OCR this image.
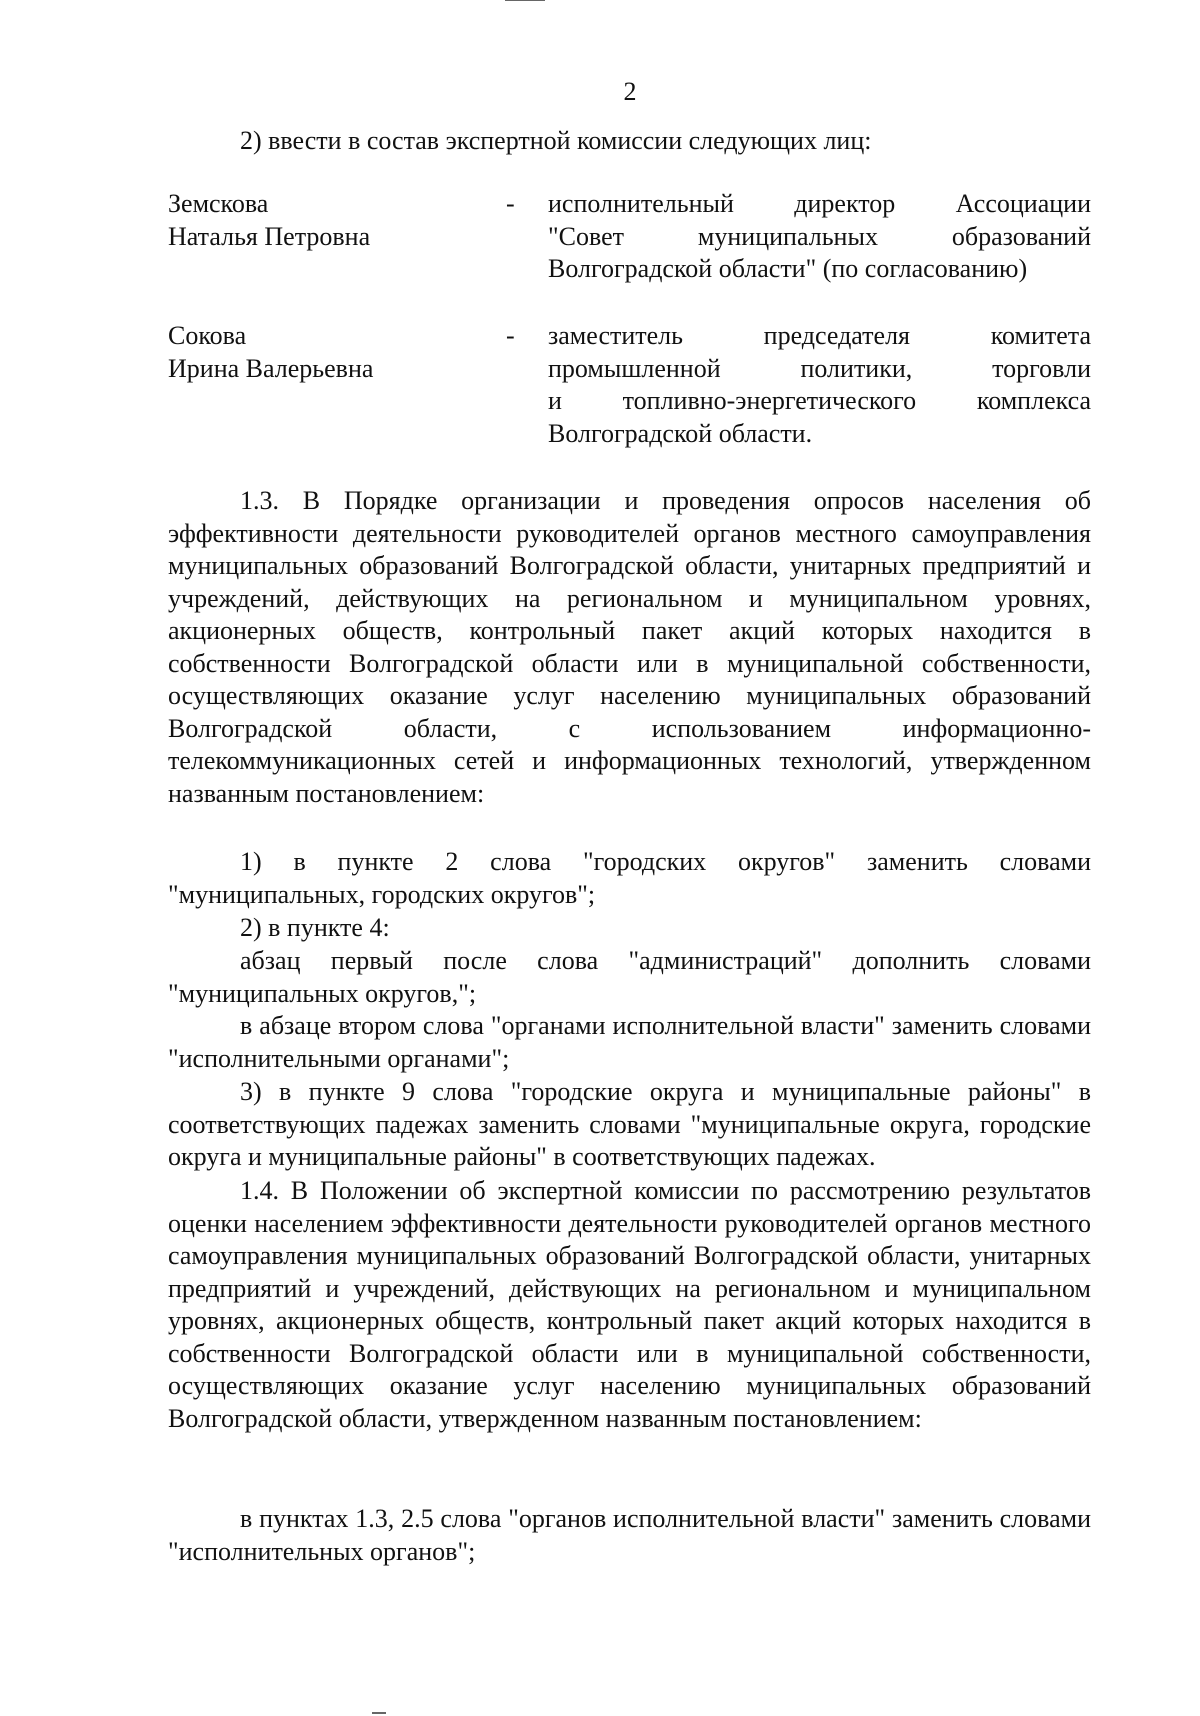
2

2) ввести в состав экспертной комиссии следующих лиц:

Земскова
Наталья Петровна
- исполнительный директор Ассоциации
"Совет муниципальных образований
Волгоградской области" (по согласованию)
Сокова
Ирина Валерьевна
- заместитель председателя комитета
промышленной политики, торговли
и топливно-энергетического комплекса
Волгоградской области.

1.3. В Порядке организации и проведения опросов населения об эффективности деятельности руководителей органов местного самоуправления муниципальных образований Волгоградской области, унитарных предприятий и учреждений, действующих на региональном и муниципальном уровнях, акционерных обществ, контрольный пакет акций которых находится в собственности Волгоградской области или в муниципальной собственности, осуществляющих оказание услуг населению муниципальных образований Волгоградской области, с использованием информационно-телекоммуникационных сетей и информационных технологий, утвержденном названным постановлением:

1) в пункте 2 слова "городских округов" заменить словами "муниципальных, городских округов";

2) в пункте 4:

абзац первый после слова "администраций" дополнить словами "муниципальных округов,";

в абзаце втором слова "органами исполнительной власти" заменить словами "исполнительными органами";

3) в пункте 9 слова "городские округа и муниципальные районы" в соответствующих падежах заменить словами "муниципальные округа, городские округа и муниципальные районы" в соответствующих падежах.

1.4. В Положении об экспертной комиссии по рассмотрению результатов оценки населением эффективности деятельности руководителей органов местного самоуправления муниципальных образований Волгоградской области, унитарных предприятий и учреждений, действующих на региональном и муниципальном уровнях, акционерных обществ, контрольный пакет акций которых находится в собственности Волгоградской области или в муниципальной собственности, осуществляющих оказание услуг населению муниципальных образований Волгоградской области, утвержденном названным постановлением:

в пунктах 1.3, 2.5 слова "органов исполнительной власти" заменить словами "исполнительных органов";
